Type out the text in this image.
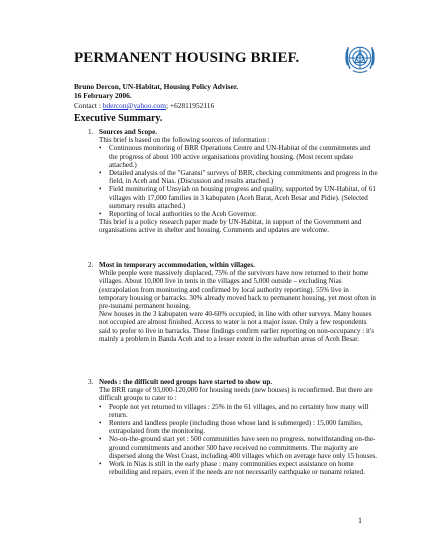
PERMANENT HOUSING BRIEF.
Bruno Dercon, UN-Habitat, Housing Policy Adviser.
16 February 2006.
Contact : bdercon@yahoo.com; +62811952116
Executive Summary.
1. Sources and Scope.
This brief is based on the following sources of information :
• Continuous monitoring of BRR Operations Centre and UN-Habitat of the commitments and the progress of about 100 active organisations providing housing. (Most recent update attached.)
• Detailed analysis of the "Garansi" surveys of BRR, checking commitments and progress in the field, in Aceh and Nias. (Discussion and results attached.)
• Field monitoring of Unsyiah on housing progress and quality, supported by UN-Habitat, of 61 villages with 17,000 families in 3 kabupaten (Aceh Barat, Aceh Besar and Pidie). (Selected summary results attached.)
• Reporting of local authorities to the Aceh Governor.
This brief is a policy research paper made by UN-Habitat, in support of the Government and organisations active in shelter and housing. Comments and updates are welcome.
2. Most in temporary accommodation, within villages.
While people were massively displaced, 75% of the survivors have now returned to their home villages. About 10,000 live in tents in the villages and 5,000 outside – excluding Nias (extrapolation from monitoring and confirmed by local authority reporting). 55% live in temporary housing or barracks. 30% already moved back to permanent housing, yet most often in pre-tsunami permanent housing.
New houses in the 3 kabupaten were 40-60% occupied, in line with other surveys. Many houses not occupied are almost finished. Access to water is not a major issue. Only a few respondents said to prefer to live in barracks. These findings confirm earlier reporting on non-occupancy : it's mainly a problem in Banda Aceh and to a lesser extent in the suburban areas of Aceh Besar.
3. Needs : the difficult need groups have started to show up.
The BRR range of 93,000-120,000 for housing needs (new houses) is reconfirmed. But there are difficult groups to cater to :
• People not yet returned to villages : 25% in the 61 villages, and no certainty how many will return.
• Renters and landless people (including those whose land is submerged) : 15,000 families, extrapolated from the monitoring.
• No-on-the-ground start yet : 500 communities have seen no progress. notwithstanding on-the-ground commitments and another 500 have received no commitments. The majority are dispersed along the West Coast, including 400 villages which on average have only 15 houses.
• Work in Nias is still in the early phase : many communities expect assistance on home rebuilding and repairs, even if the needs are not necessarily earthquake or tsunami related.
1
